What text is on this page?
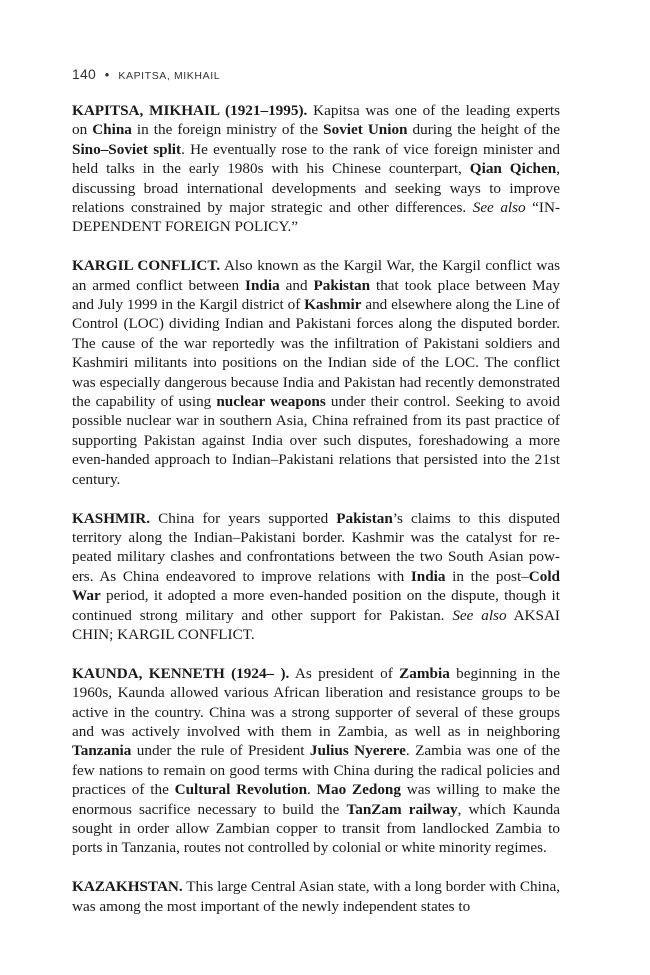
140 • KAPITSA, MIKHAIL

KAPITSA, MIKHAIL (1921–1995). Kapitsa was one of the leading experts on China in the foreign ministry of the Soviet Union during the height of the Sino–Soviet split. He eventually rose to the rank of vice foreign minister and held talks in the early 1980s with his Chinese counterpart, Qian Qichen, discussing broad international developments and seeking ways to improve relations constrained by major strategic and other differences. See also “IN-DEPENDENT FOREIGN POLICY.”

KARGIL CONFLICT. Also known as the Kargil War, the Kargil conflict was an armed conflict between India and Pakistan that took place between May and July 1999 in the Kargil district of Kashmir and elsewhere along the Line of Control (LOC) dividing Indian and Pakistani forces along the disputed border. The cause of the war reportedly was the infiltration of Pakistani soldiers and Kashmiri militants into positions on the Indian side of the LOC. The conflict was especially dangerous because India and Pakistan had recently demonstrated the capability of using nuclear weapons under their control. Seeking to avoid possible nuclear war in southern Asia, China refrained from its past practice of supporting Pakistan against India over such disputes, foreshadowing a more even-handed approach to Indian–Pakistani relations that persisted into the 21st century.

KASHMIR. China for years supported Pakistan’s claims to this disputed territory along the Indian–Pakistani border. Kashmir was the catalyst for re-peated military clashes and confrontations between the two South Asian pow-ers. As China endeavored to improve relations with India in the post–Cold War period, it adopted a more even-handed position on the dispute, though it continued strong military and other support for Pakistan. See also AKSAI CHIN; KARGIL CONFLICT.

KAUNDA, KENNETH (1924– ). As president of Zambia beginning in the 1960s, Kaunda allowed various African liberation and resistance groups to be active in the country. China was a strong supporter of several of these groups and was actively involved with them in Zambia, as well as in neighboring Tanzania under the rule of President Julius Nyerere. Zambia was one of the few nations to remain on good terms with China during the radical policies and practices of the Cultural Revolution. Mao Zedong was willing to make the enormous sacrifice necessary to build the TanZam railway, which Kaunda sought in order allow Zambian copper to transit from landlocked Zambia to ports in Tanzania, routes not controlled by colonial or white minority regimes.

KAZAKHSTAN. This large Central Asian state, with a long border with China, was among the most important of the newly independent states to
